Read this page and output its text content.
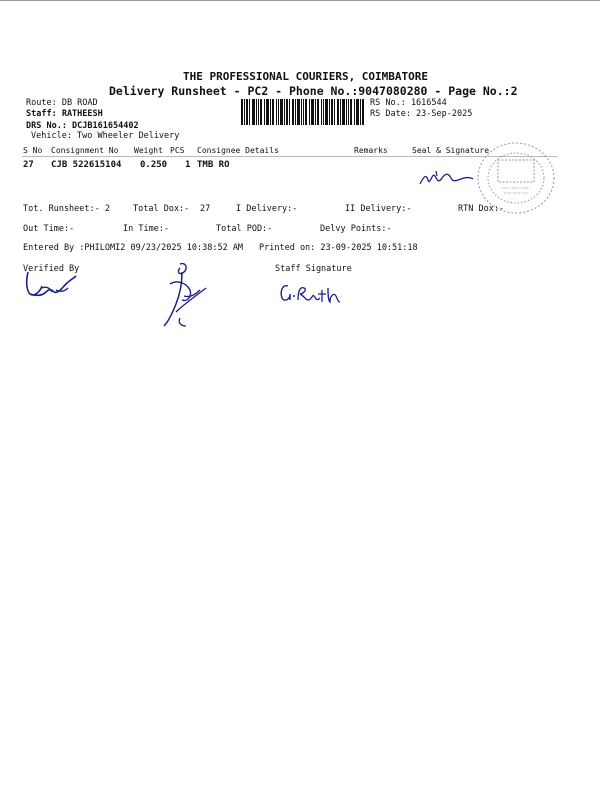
THE PROFESSIONAL COURIERS, COIMBATORE
Delivery Runsheet - PC2 - Phone No.:9047080280 - Page No.:2
Route: DB ROAD
Staff: RATHEESH
DRS No.: DCJB161654402
Vehicle: Two Wheeler Delivery
RS No.: 1616544
RS Date: 23-Sep-2025
S No Consignment No Weight PCS Consignee Details	Remarks	Seal & Signature
27 CJB 522615104 0.250 1 TMB RO
Tot. Runsheet:- 2	Total Dox:- 27	I Delivery:-	II Delivery:-	RTN Dox:-
Out Time:-	In Time:-	Total POD:-	Delvy Points:-
Entered By :PHILOMI2 09/23/2025 10:38:52 AM Printed on: 23-09-2025 10:51:18
Verified By	Staff Signature
